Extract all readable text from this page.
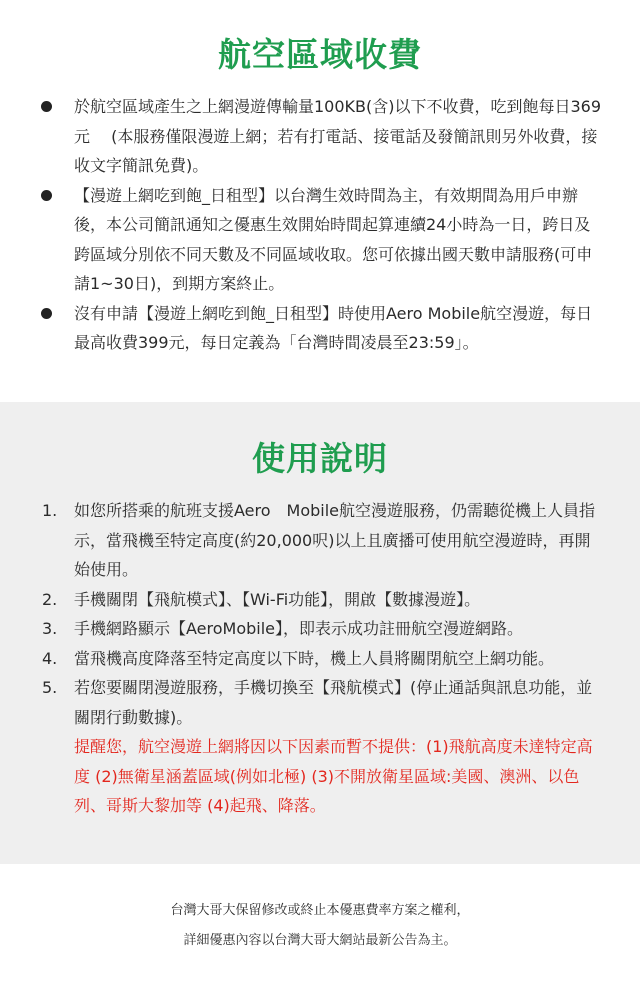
航空區域收費
於航空區域產生之上網漫遊傳輸量100KB(含)以下不收費，吃到飽每日369元　 (本服務僅限漫遊上網；若有打電話、接電話及發簡訊則另外收費，接收文字簡訊免費)。
【漫遊上網吃到飽_日租型】以台灣生效時間為主，有效期間為用戶申辦後，本公司簡訊通知之優惠生效開始時間起算連續24小時為一日，跨日及跨區域分別依不同天數及不同區域收取。您可依據出國天數申請服務(可申請1~30日)，到期方案終止。
沒有申請【漫遊上網吃到飽_日租型】時使用Aero Mobile航空漫遊，每日最高收費399元，每日定義為「台灣時間凌晨至23:59」。
使用說明
1. 如您所搭乘的航班支援Aero　Mobile航空漫遊服務，仍需聽從機上人員指示，當飛機至特定高度(約20,000呎)以上且廣播可使用航空漫遊時，再開始使用。
2. 手機關閉【飛航模式】、【Wi-Fi功能】，開啟【數據漫遊】。
3. 手機網路顯示【AeroMobile】，即表示成功註冊航空漫遊網路。
4. 當飛機高度降落至特定高度以下時，機上人員將關閉航空上網功能。
5. 若您要關閉漫遊服務，手機切換至【飛航模式】(停止通話與訊息功能，並關閉行動數據)。

提醒您，航空漫遊上網將因以下因素而暫不提供：(1)飛航高度未達特定高度 (2)無衛星涵蓋區域(例如北極) (3)不開放衛星區域:美國、澳洲、以色列、哥斯大黎加等 (4)起飛、降落。

台灣大哥大保留修改或終止本優惠費率方案之權利，

詳細優惠內容以台灣大哥大網站最新公告為主。
